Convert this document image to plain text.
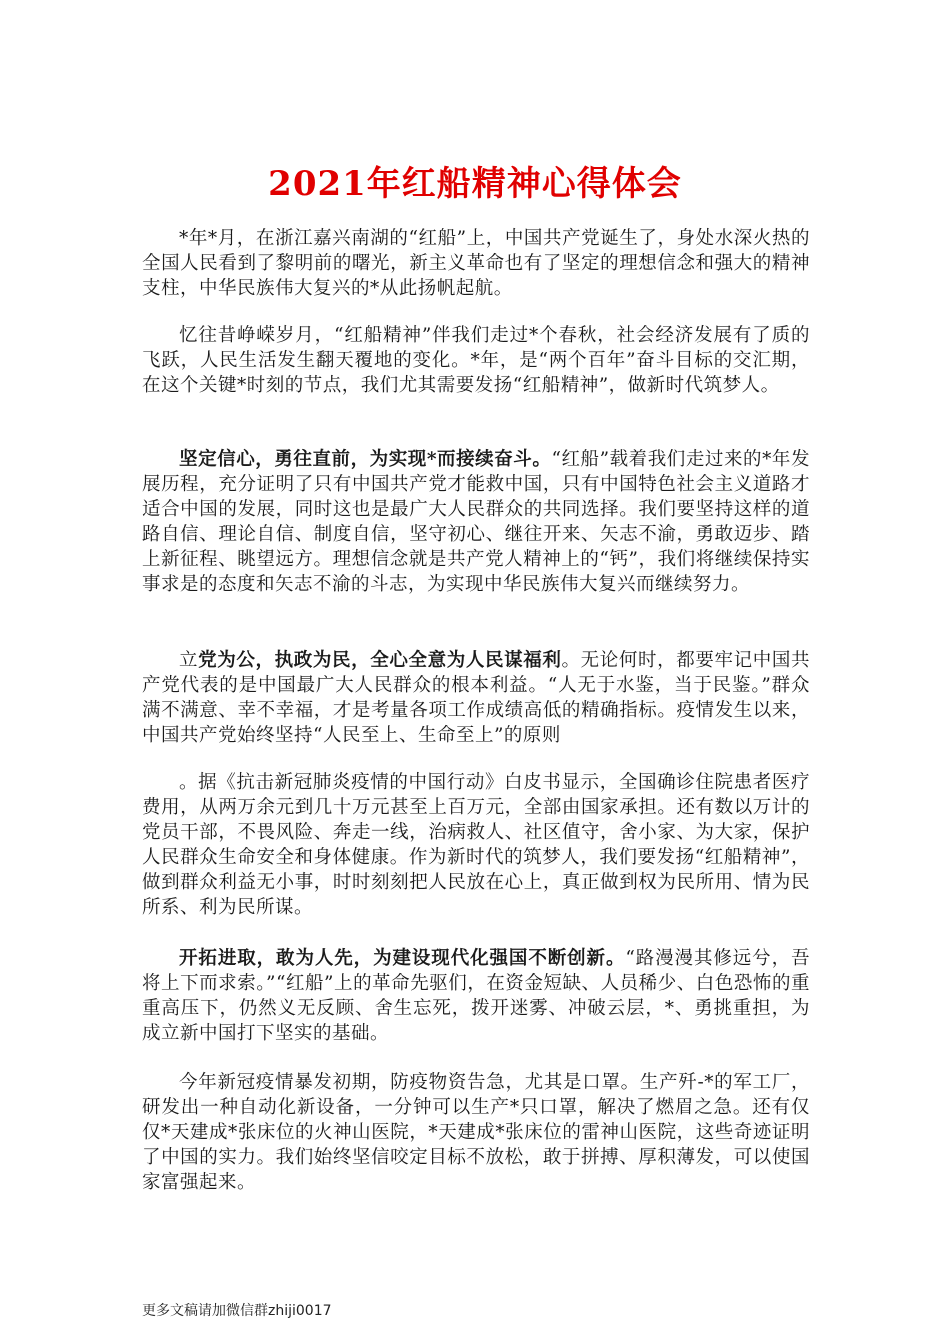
2021年红船精神心得体会

*年*月，在浙江嘉兴南湖的“红船”上，中国共产党诞生了，身处水深火热的全国人民看到了黎明前的曙光，新主义革命也有了坚定的理想信念和强大的精神支柱，中华民族伟大复兴的*从此扬帆起航。

忆往昔峥嵘岁月，“红船精神”伴我们走过*个春秋，社会经济发展有了质的飞跃，人民生活发生翻天覆地的变化。*年，是“两个百年”奋斗目标的交汇期，在这个关键*时刻的节点，我们尤其需要发扬“红船精神”，做新时代筑梦人。

坚定信心，勇往直前，为实现*而接续奋斗。“红船”载着我们走过来的*年发展历程，充分证明了只有中国共产党才能救中国，只有中国特色社会主义道路才适合中国的发展，同时这也是最广大人民群众的共同选择。我们要坚持这样的道路自信、理论自信、制度自信，坚守初心、继往开来、矢志不渝，勇敢迈步、踏上新征程、眺望远方。理想信念就是共产党人精神上的“钙”，我们将继续保持实事求是的态度和矢志不渝的斗志，为实现中华民族伟大复兴而继续努力。

立党为公，执政为民，全心全意为人民谋福利。无论何时，都要牢记中国共产党代表的是中国最广大人民群众的根本利益。“人无于水鉴，当于民鉴。”群众满不满意、幸不幸福，才是考量各项工作成绩高低的精确指标。疫情发生以来，中国共产党始终坚持“人民至上、生命至上”的原则

。据《抗击新冠肺炎疫情的中国行动》白皮书显示，全国确诊住院患者医疗费用，从两万余元到几十万元甚至上百万元，全部由国家承担。还有数以万计的党员干部，不畏风险、奔走一线，治病救人、社区值守，舍小家、为大家，保护人民群众生命安全和身体健康。作为新时代的筑梦人，我们要发扬“红船精神”，做到群众利益无小事，时时刻刻把人民放在心上，真正做到权为民所用、情为民所系、利为民所谋。

开拓进取，敢为人先，为建设现代化强国不断创新。“路漫漫其修远兮，吾将上下而求索。”“红船”上的革命先驱们，在资金短缺、人员稀少、白色恐怖的重重高压下，仍然义无反顾、舍生忘死，拨开迷雾、冲破云层，*、勇挑重担，为成立新中国打下坚实的基础。

今年新冠疫情暴发初期，防疫物资告急，尤其是口罩。生产歼-*的军工厂，研发出一种自动化新设备，一分钟可以生产*只口罩，解决了燃眉之急。还有仅仅*天建成*张床位的火神山医院，*天建成*张床位的雷神山医院，这些奇迹证明了中国的实力。我们始终坚信咬定目标不放松，敢于拼搏、厚积薄发，可以使国家富强起来。

更多文稿请加微信群zhiji0017
